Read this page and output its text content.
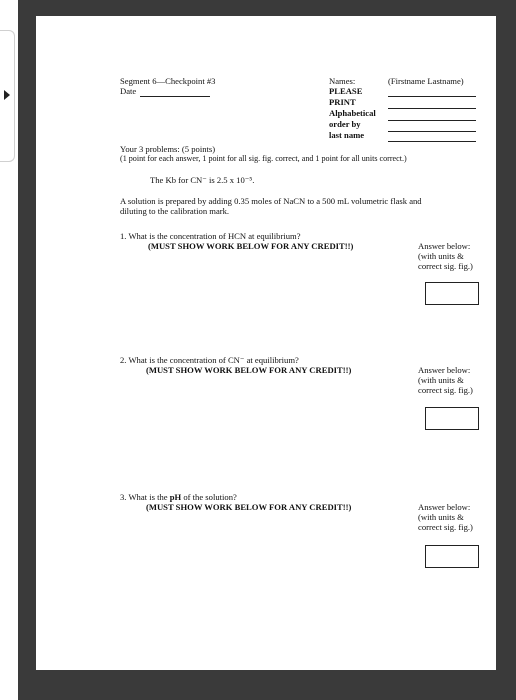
Segment 6—Checkpoint #3
Date
Names:	(Firstname Lastname)
PLEASE
PRINT
Alphabetical
order by
last name
Your 3 problems: (5 points)
(1 point for each answer, 1 point for all sig. fig. correct, and 1 point for all units correct.)
The Kb for CN⁻ is 2.5 x 10⁻⁵.
A solution is prepared by adding 0.35 moles of NaCN to a 500 mL volumetric flask and
diluting to the calibration mark.
1. What is the concentration of HCN at equilibrium?
(MUST SHOW WORK BELOW FOR ANY CREDIT!!)	Answer below:
(with units &
correct sig. fig.)
2. What is the concentration of CN⁻ at equilibrium?
(MUST SHOW WORK BELOW FOR ANY CREDIT!!)	Answer below:
(with units &
correct sig. fig.)
3. What is the pH of the solution?
(MUST SHOW WORK BELOW FOR ANY CREDIT!!)	Answer below:
(with units &
correct sig. fig.)
